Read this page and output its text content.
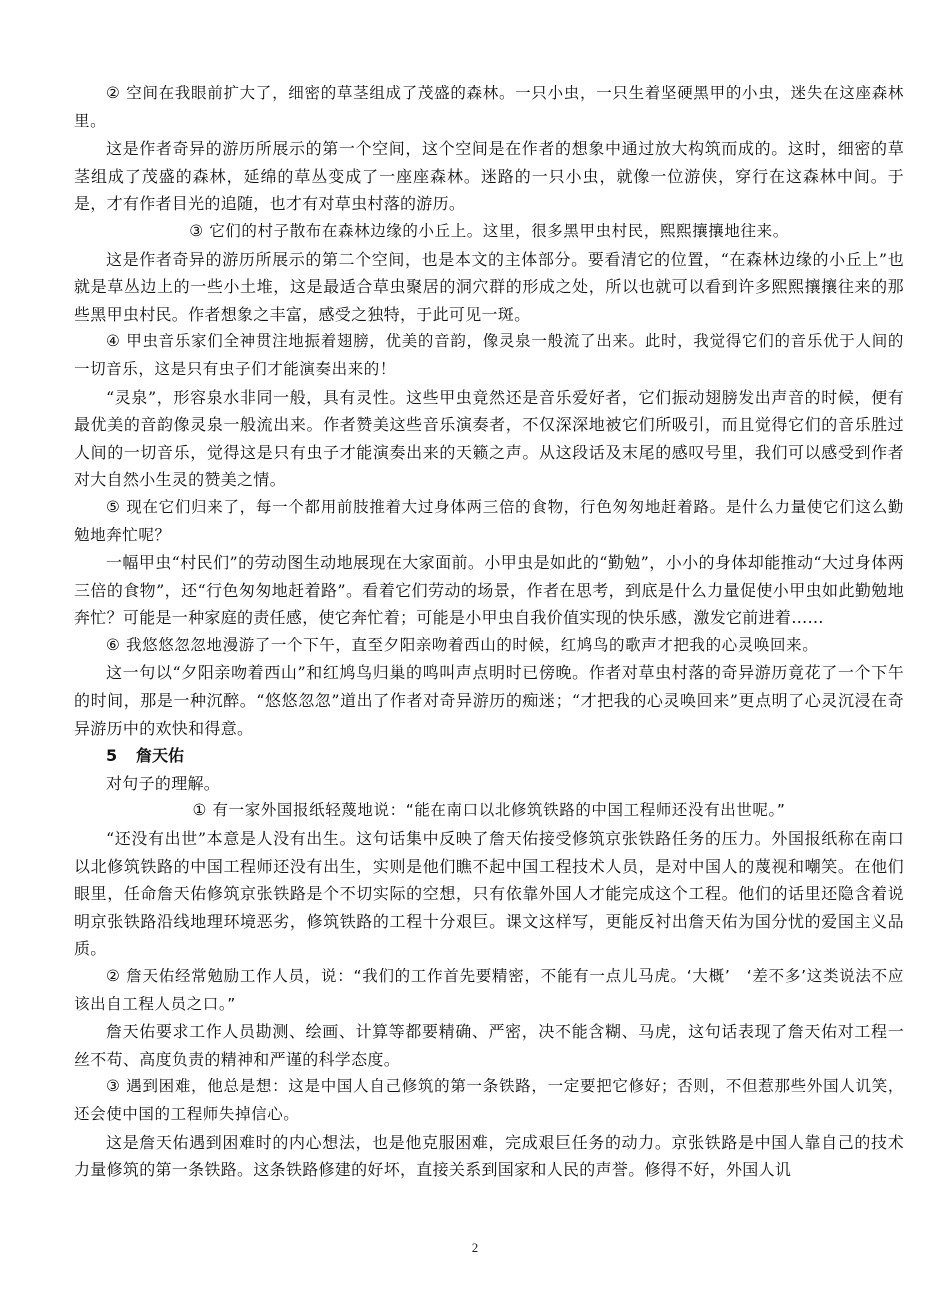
② 空间在我眼前扩大了，细密的草茎组成了茂盛的森林。一只小虫，一只生着坚硬黑甲的小虫，迷失在这座森林里。

这是作者奇异的游历所展示的第一个空间，这个空间是在作者的想象中通过放大构筑而成的。这时，细密的草茎组成了茂盛的森林，延绵的草丛变成了一座座森林。迷路的一只小虫，就像一位游侠，穿行在这森林中间。于是，才有作者目光的追随，也才有对草虫村落的游历。

③ 它们的村子散布在森林边缘的小丘上。这里，很多黑甲虫村民，熙熙攘攘地往来。

这是作者奇异的游历所展示的第二个空间，也是本文的主体部分。要看清它的位置，“在森林边缘的小丘上”也就是草丛边上的一些小土堆，这是最适合草虫聚居的洞穴群的形成之处，所以也就可以看到许多熙熙攘攘往来的那些黑甲虫村民。作者想象之丰富，感受之独特，于此可见一斑。

④ 甲虫音乐家们全神贯注地振着翅膀，优美的音韵，像灵泉一般流了出来。此时，我觉得它们的音乐优于人间的一切音乐，这是只有虫子们才能演奏出来的！

“灵泉”，形容泉水非同一般，具有灵性。这些甲虫竟然还是音乐爱好者，它们振动翅膀发出声音的时候，便有最优美的音韵像灵泉一般流出来。作者赞美这些音乐演奏者，不仅深深地被它们所吸引，而且觉得它们的音乐胜过人间的一切音乐，觉得这是只有虫子才能演奏出来的天籁之声。从这段话及末尾的感叹号里，我们可以感受到作者对大自然小生灵的赞美之情。

⑤ 现在它们归来了，每一个都用前肢推着大过身体两三倍的食物，行色匆匆地赶着路。是什么力量使它们这么勤勉地奔忙呢？

一幅甲虫“村民们”的劳动图生动地展现在大家面前。小甲虫是如此的“勤勉”，小小的身体却能推动“大过身体两三倍的食物”，还“行色匆匆地赶着路”。看着它们劳动的场景，作者在思考，到底是什么力量促使小甲虫如此勤勉地奔忙？可能是一种家庭的责任感，使它奔忙着；可能是小甲虫自我价值实现的快乐感，激发它前进着……

⑥ 我悠悠忽忽地漫游了一个下午，直至夕阳亲吻着西山的时候，红鸠鸟的歌声才把我的心灵唤回来。

这一句以“夕阳亲吻着西山”和红鸠鸟归巢的鸣叫声点明时已傍晚。作者对草虫村落的奇异游历竟花了一个下午的时间，那是一种沉醉。“悠悠忽忽”道出了作者对奇异游历的痴迷；“才把我的心灵唤回来”更点明了心灵沉浸在奇异游历中的欢快和得意。

5 詹天佑

对句子的理解。

① 有一家外国报纸轻蔑地说：“能在南口以北修筑铁路的中国工程师还没有出世呢。”

“还没有出世”本意是人没有出生。这句话集中反映了詹天佑接受修筑京张铁路任务的压力。外国报纸称在南口以北修筑铁路的中国工程师还没有出生，实则是他们瞧不起中国工程技术人员，是对中国人的蔑视和嘲笑。在他们眼里，任命詹天佑修筑京张铁路是个不切实际的空想，只有依靠外国人才能完成这个工程。他们的话里还隐含着说明京张铁路沿线地理环境恶劣，修筑铁路的工程十分艰巨。课文这样写，更能反衬出詹天佑为国分忧的爱国主义品质。

② 詹天佑经常勉励工作人员，说：“我们的工作首先要精密，不能有一点儿马虎。‘大概’　‘差不多’这类说法不应该出自工程人员之口。”

詹天佑要求工作人员勘测、绘画、计算等都要精确、严密，决不能含糊、马虎，这句话表现了詹天佑对工程一丝不苟、高度负责的精神和严谨的科学态度。

③ 遇到困难，他总是想：这是中国人自己修筑的第一条铁路，一定要把它修好；否则，不但惹那些外国人讥笑，还会使中国的工程师失掉信心。

这是詹天佑遇到困难时的内心想法，也是他克服困难，完成艰巨任务的动力。京张铁路是中国人靠自己的技术力量修筑的第一条铁路。这条铁路修建的好坏，直接关系到国家和人民的声誉。修得不好，外国人讥

2
